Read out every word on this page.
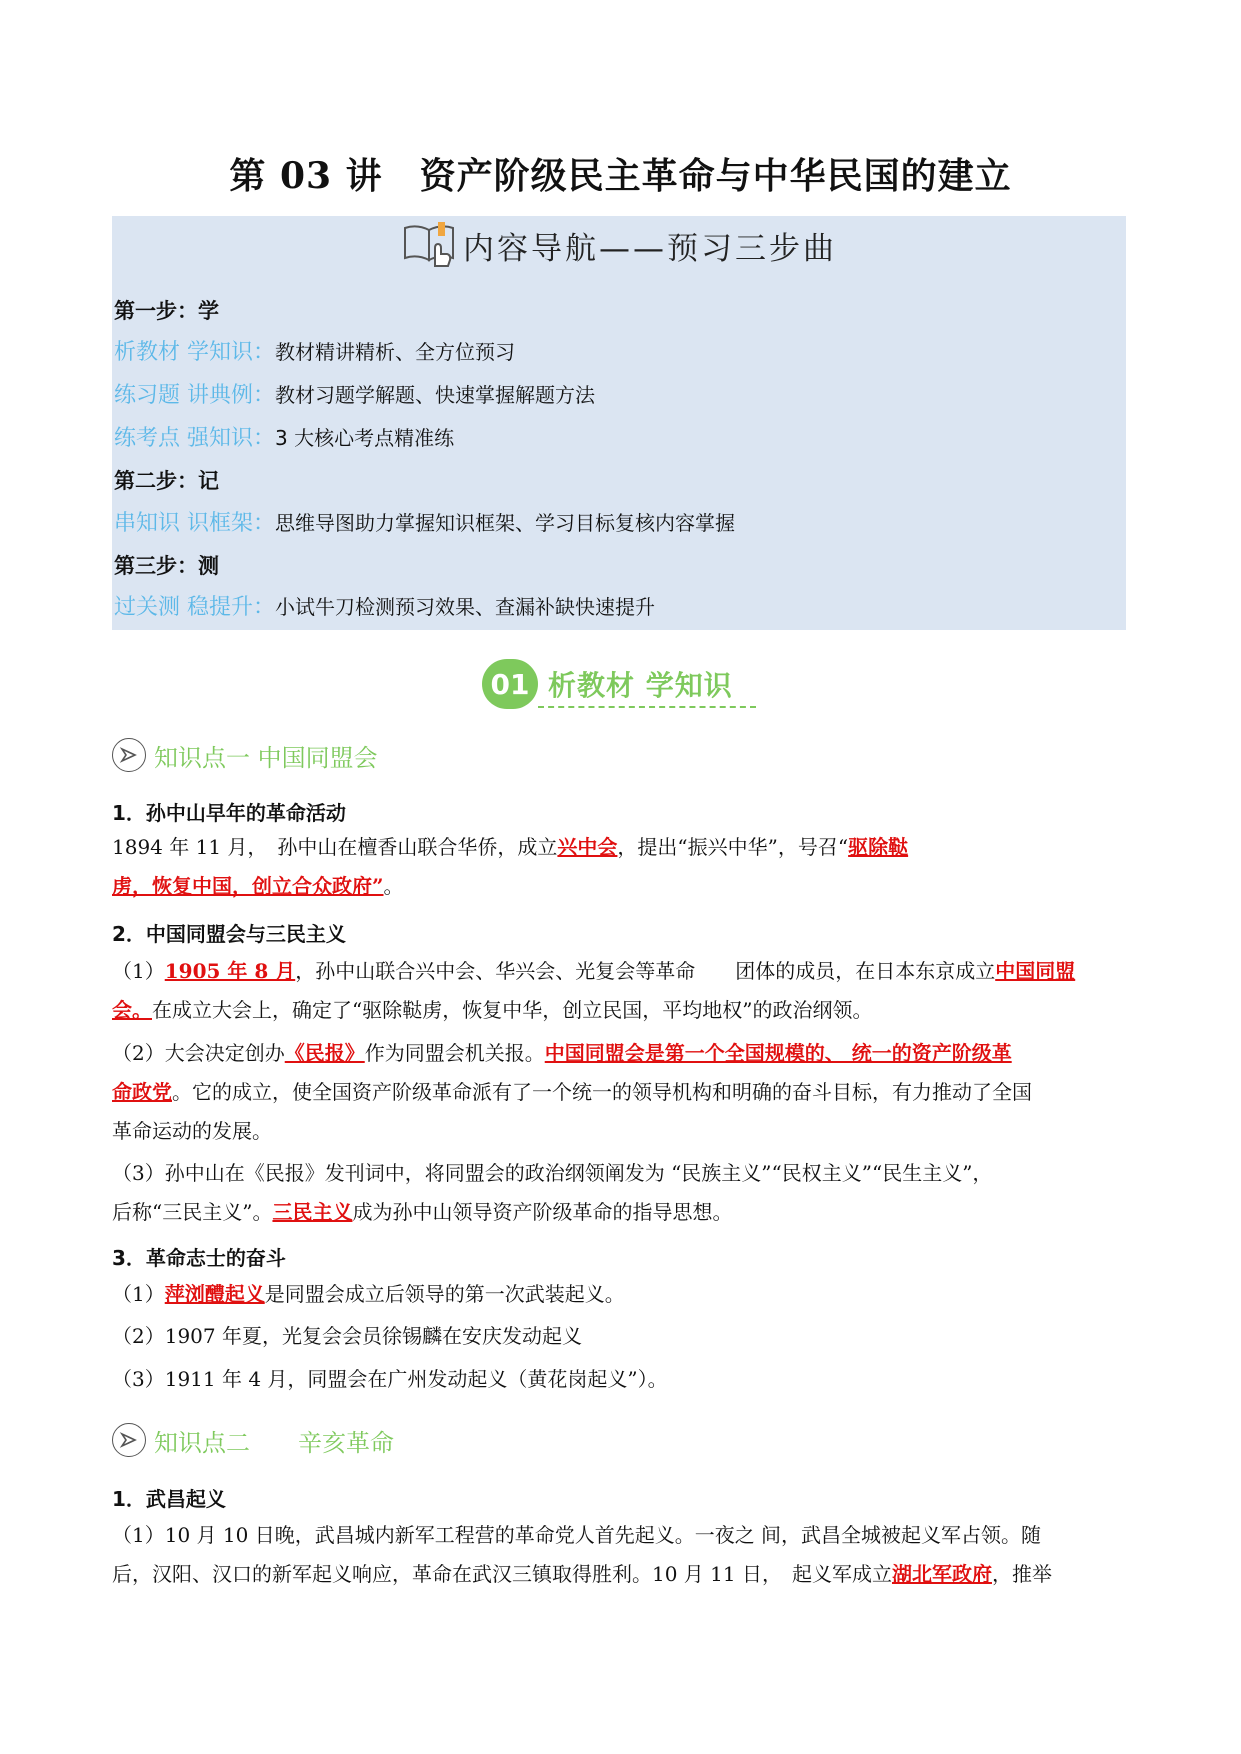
第 03 讲　资产阶级民主革命与中华民国的建立
内容导航——预习三步曲
第一步：学
析教材 学知识：教材精讲精析、全方位预习
练习题 讲典例：教材习题学解题、快速掌握解题方法
练考点 强知识：3 大核心考点精准练
第二步：记
串知识 识框架：思维导图助力掌握知识框架、学习目标复核内容掌握
第三步：测
过关测 稳提升：小试牛刀检测预习效果、查漏补缺快速提升
01 析教材 学知识
知识点一 中国同盟会
1．孙中山早年的革命活动
1894 年 11 月，　孙中山在檀香山联合华侨，成立兴中会，提出“振兴中华”，号召“驱除鞑
虏，恢复中国，创立合众政府”。
2．中国同盟会与三民主义
（1）1905 年 8 月，孙中山联合兴中会、华兴会、光复会等革命　　团体的成员，在日本东京成立中国同盟
会。在成立大会上，确定了“驱除鞑虏，恢复中华，创立民国，平均地权”的政治纲领。
（2）大会决定创办《民报》作为同盟会机关报。中国同盟会是第一个全国规模的、 统一的资产阶级革
命政党。它的成立，使全国资产阶级革命派有了一个统一的领导机构和明确的奋斗目标，有力推动了全国
革命运动的发展。
（3）孙中山在《民报》发刊词中，将同盟会的政治纲领阐发为 “民族主义”“民权主义”“民生主义”，
后称“三民主义”。三民主义成为孙中山领导资产阶级革命的指导思想。
3．革命志士的奋斗
（1）萍浏醴起义是同盟会成立后领导的第一次武装起义。
（2）1907 年夏，光复会会员徐锡麟在安庆发动起义
（3）1911 年 4 月，同盟会在广州发动起义（黄花岗起义”）。
知识点二　　辛亥革命
1．武昌起义
（1）10 月 10 日晚，武昌城内新军工程营的革命党人首先起义。一夜之 间，武昌全城被起义军占领。随
后，汉阳、汉口的新军起义响应，革命在武汉三镇取得胜利。10 月 11 日，　起义军成立湖北军政府，推举
